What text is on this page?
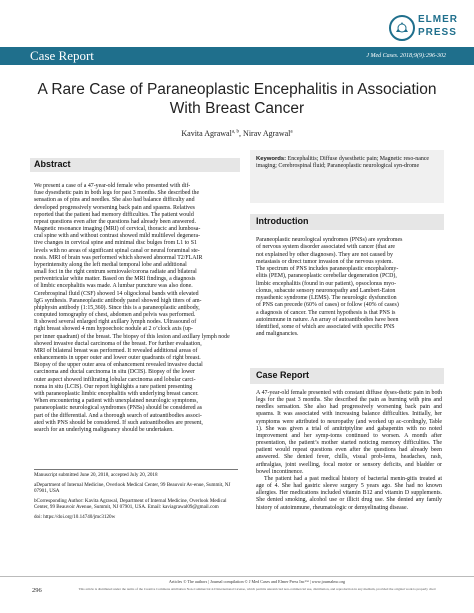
ELMER
PRESS
Case Report	J Med Cases. 2018;9(9):296-302
A Rare Case of Paraneoplastic Encephalitis in Association
With Breast Cancer
Kavita Agrawal$^{a, b}$, Nirav Agrawal$^a$
Abstract

We present a case of a 47-year-old female who presented with dif-

fuse dysesthetic pain in both legs for past 3 months. She described the

sensation as of pins and needles. She also had balance difficulty and

developed progressively worsening back pain and spasms. Relatives

reported that the patient had memory difficulties. The patient would

repeat questions even after the questions had already been answered.

Magnetic resonance imaging (MRI) of cervical, thoracic and lumbosa-

cral spine with and without contrast showed mild multilevel degenera-

tive changes in cervical spine and minimal disc bulges from L1 to S1

levels with no areas of significant spinal canal or neural foraminal ste-

nosis. MRI of brain was performed which showed abnormal T2/FLAIR

hyperintensity along the left medial temporal lobe and additional

small foci in the right centrum semiovale/corona radiate and bilateral

periventricular white matter. Based on the MRI findings, a diagnosis

of limbic encephalitis was made. A lumbar puncture was also done.

Cerebrospinal fluid (CSF) showed 14 oligoclonal bands with elevated

IgG synthesis. Paraneoplastic antibody panel showed high titers of am-

phiphysin antibody (1:15,360). Since this is a paraneoplastic antibody,

computed tomography of chest, abdomen and pelvis was performed.

It showed several enlarged right axillary lymph nodes. Ultrasound of

right breast showed 4 mm hypoechoic nodule at 2 o’clock axis (up-

per inner quadrant) of the breast. The biopsy of this lesion and axillary lymph node

showed invasive ductal carcinoma of the breast. For further evaluation,

MRI of bilateral breast was performed. It revealed additional areas of

enhancements in upper outer and lower outer quadrants of right breast.

Biopsy of the upper outer area of enhancement revealed invasive ductal

carcinoma and ductal carcinoma in situ (DCIS). Biopsy of the lower

outer aspect showed infiltrating lobular carcinoma and lobular carci-

noma in situ (LCIS). Our report highlights a rare patient presenting

with paraneoplastic limbic encephalitis with underlying breast cancer.

When encountering a patient with unexplained neurologic symptoms,

paraneoplastic neurological syndromes (PNSs) should be considered as

part of the differential. And a thorough search of autoantibodies associ-

ated with PNS should be considered. If such autoantibodies are present,

search for an underlying malignancy should be undertaken.

Manuscript submitted June 20, 2018, accepted July 20, 2018

aDepartment of Internal Medicine, Overlook Medical Center, 99 Beauvoir Av-enue, Summit, NJ 07901, USA

bCorresponding Author: Kavita Agrawal, Department of Internal Medicine, Overlook Medical Center, 99 Beauvoir Avenue, Summit, NJ 07901, USA. Email: kaviagrawal09@gmail.com

doi: https://doi.org/10.14740/jmc3120w

Keywords: Encephalitis; Diffuse dysesthetic pain; Magnetic reso-nance imaging; Cerebrospinal fluid; Paraneoplastic neurological syn-drome
Introduction

Paraneoplastic neurological syndromes (PNSs) are syndromes

of nervous system disorder associated with cancer (that are

not explained by other diagnoses). They are not caused by

metastasis or direct tumor invasion of the nervous system.

The spectrum of PNS includes paraneoplastic encephalomy-

elitis (PEM), paraneoplastic cerebellar degeneration (PCD),

limbic encephalitis (found in our patient), opsoclonus myo-

clonus, subacute sensory neuronopathy and Lambert-Eaton

myasthenic syndrome (LEMS). The neurologic dysfunction

of PNS can precede (60% of cases) or follow (40% of cases)

a diagnosis of cancer. The current hypothesis is that PNS is

autoimmune in nature. An array of autoantibodies have been

identified, some of which are associated with specific PNS

and malignancies.

Case Report

A 47-year-old female presented with constant diffuse dyses-thetic pain in both legs for the past 3 months. She described the pain as burning with pins and needles sensation. She also had progressively worsening back pain and spasms. It was associated with increasing balance difficulties. Initially, her symptoms were attributed to neuropathy (and worked up ac-cordingly, Table 1). She was given a trial of amitriptyline and gabapentin with no noted improvement and her symp-toms continued to worsen. A month after presentation, the patient’s mother started noticing memory difficulties. The patient would repeat questions even after the questions had already been answered. She denied fever, chills, visual prob-lems, headaches, rash, arthralgias, joint swelling, focal motor or sensory deficits, and bladder or bowel incontinence.

The patient had a past medical history of bacterial menin-gitis treated at age of 4. She had gastric sleeve surgery 5 years ago. She had no known allergies. Her medications included vitamin B12 and vitamin D supplements. She denied smoking, alcohol use or illicit drug use. She denied any family history of autoimmune, rheumatologic or demyelinating disease.

296
Articles © The authors | Journal compilation © J Med Cases and Elmer Press Inc™ | www.journalmc.org
This article is distributed under the terms of the Creative Commons Attribution Non-Commercial 4.0 International License, which permits unrestricted non-commercial use, distribution, and reproduction in any medium, provided the original work is properly cited
